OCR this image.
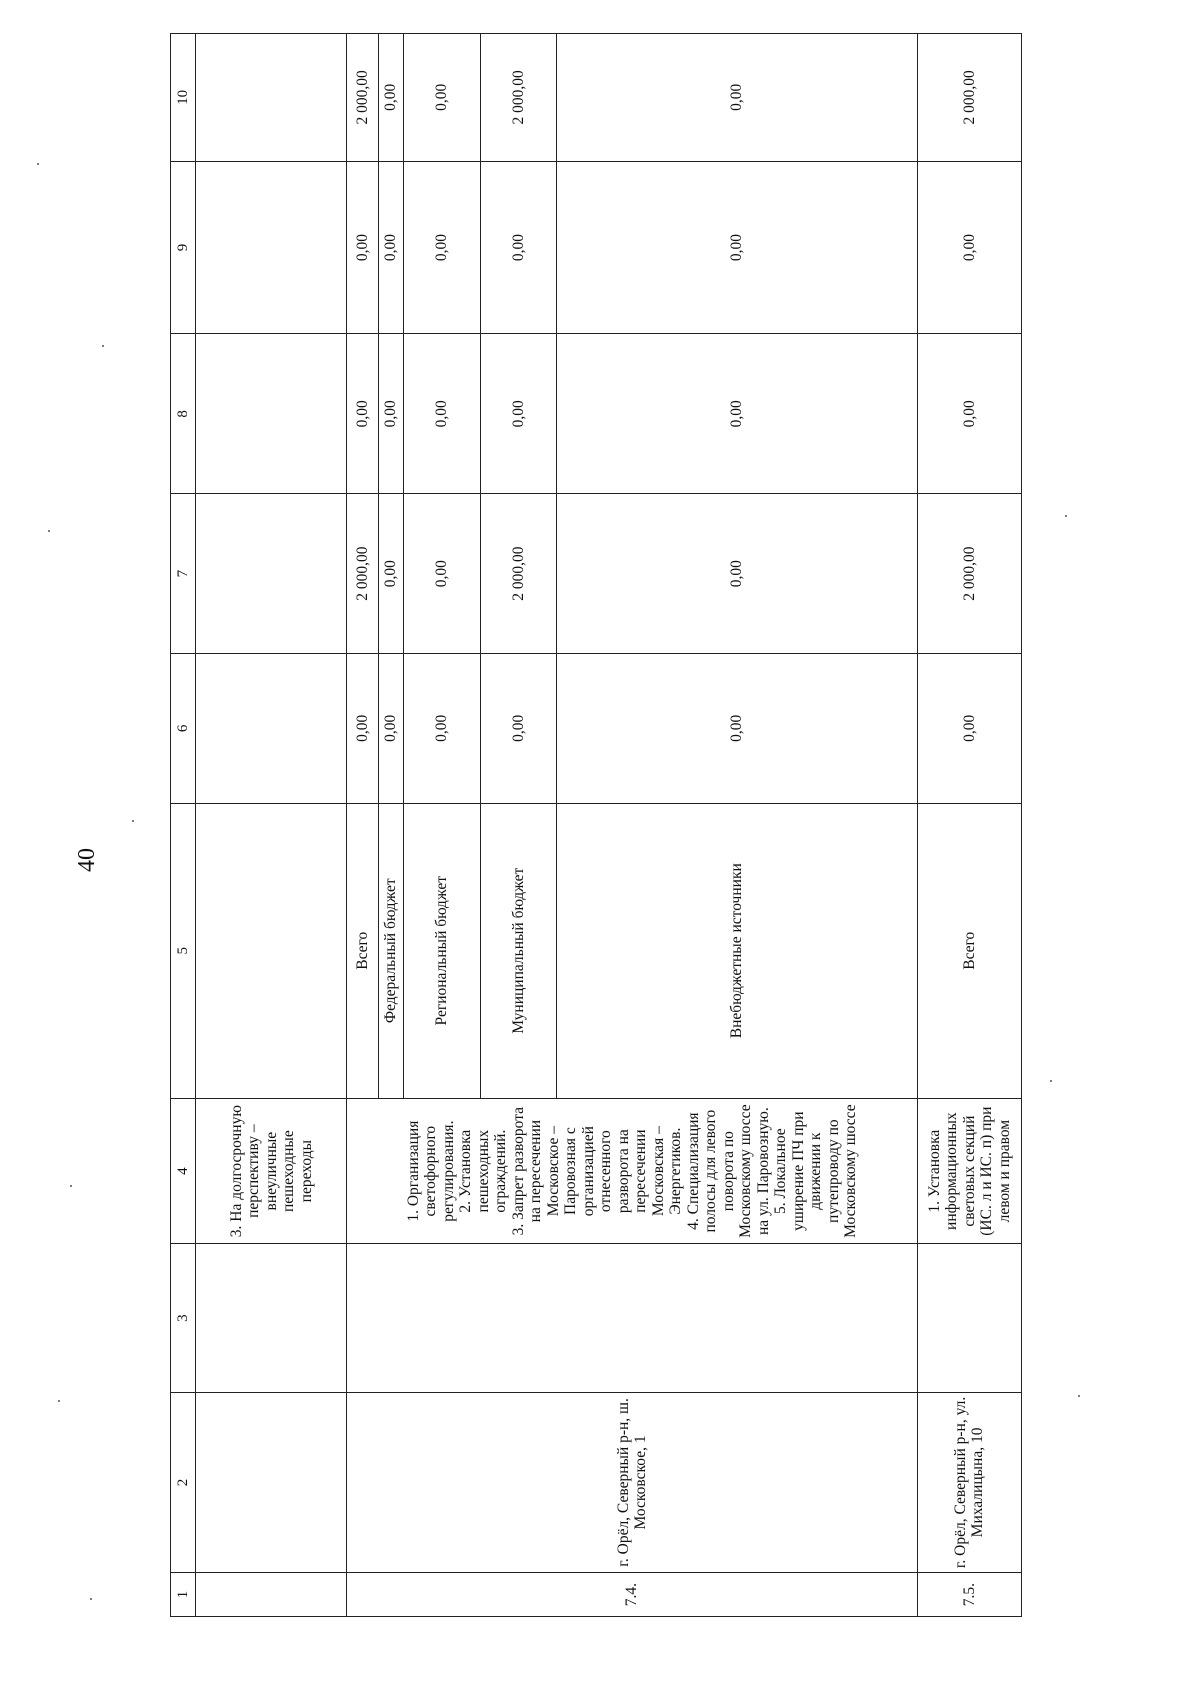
40
1	2	3	4	5	6	7	8	9	10
			3. На долгосрочную перспективу – внеуличные пешеходные переходы						
7.4.	г. Орёл, Северный р-н, ш. Московское, 1		1. Организация светофорного регулирования.
2. Установка пешеходных ограждений.
3. Запрет разворота на пересечении Московское – Паровозная с организацией отнесенного разворота на пересечении Московская – Энергетиков.
4. Специализация полосы для левого поворота по Московскому шоссе на ул. Паровозную.
5. Локальное уширение ПЧ при движении к путепроводу по Московскому шоссе	Всего	0,00	2 000,00	0,00	0,00	2 000,00
				Федеральный бюджет	0,00	0,00	0,00	0,00	0,00
				Региональный бюджет	0,00	0,00	0,00	0,00	0,00
				Муниципальный бюджет	0,00	2 000,00	0,00	0,00	2 000,00
				Внебюджетные источники	0,00	0,00	0,00	0,00	0,00
7.5.	г. Орёл, Северный р-н, ул. Михалицына, 10		1. Установка информационных световых секций (ИС. л и ИС. п) при левом и правом	Всего	0,00	2 000,00	0,00	0,00	2 000,00
